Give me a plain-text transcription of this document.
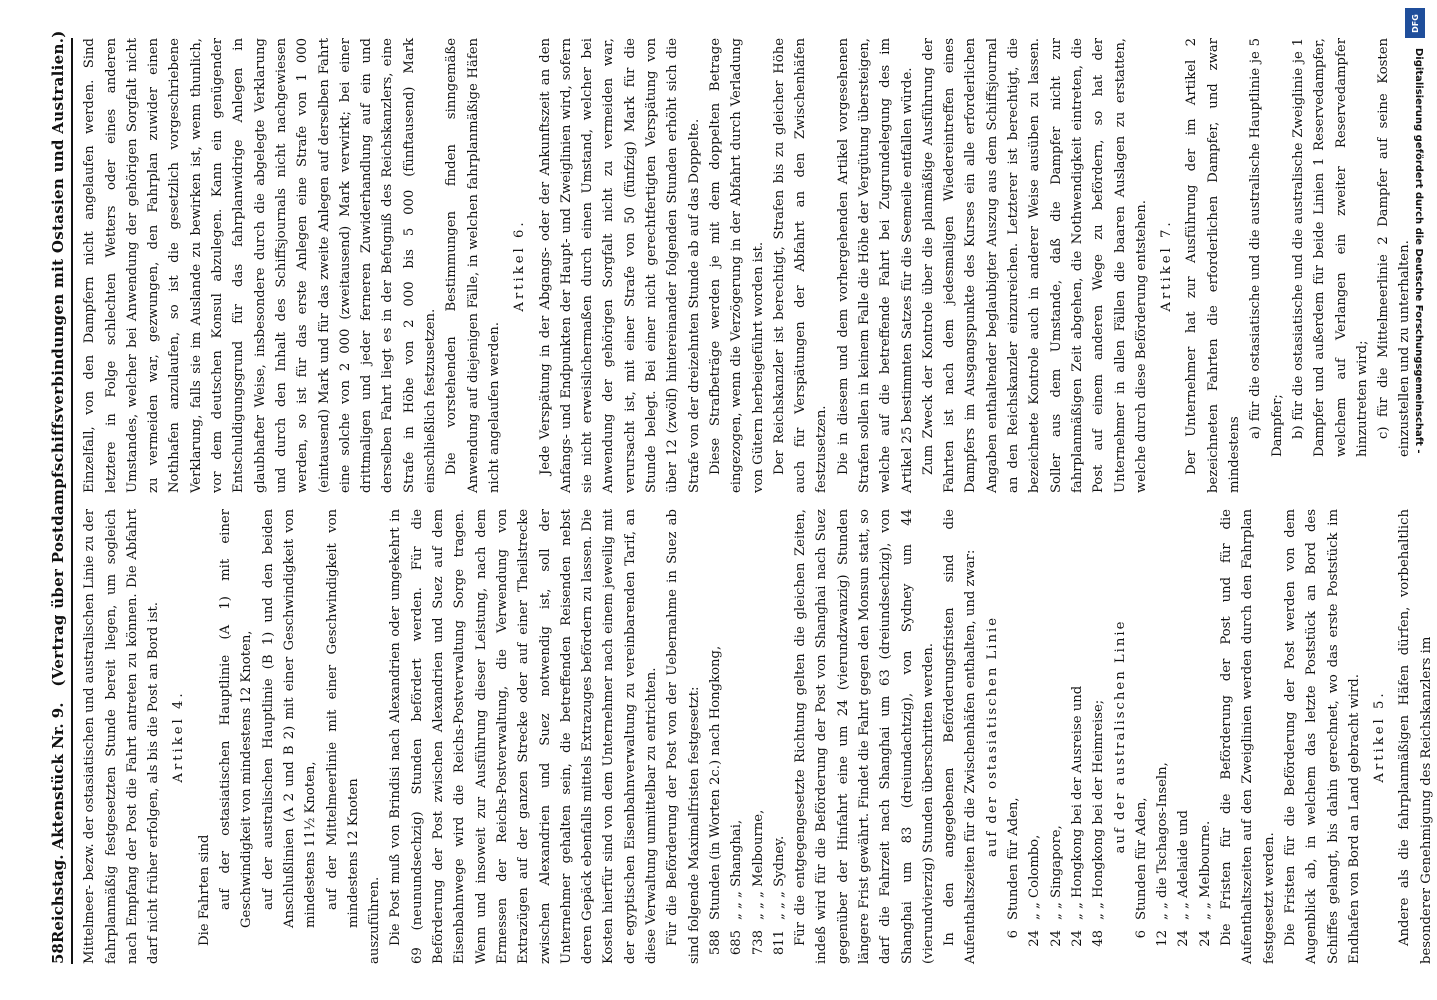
58
Reichstag. Aktenstück Nr. 9.
(Vertrag über Postdampfschiffsverbindungen mit Ostasien und Australien.)

Mittelmeer- bezw. der ostasiatischen und australischen Linie zu der fahrplanmäßig festgesetzten Stunde bereit liegen, um sogleich nach Empfang der Post die Fahrt antreten zu können. Die Abfahrt darf nicht früher erfolgen, als bis die Post an Bord ist. Artikel 4.

Die Fahrten sind auf der ostasiatischen Hauptlinie (A 1) mit einer Geschwindigkeit von mindestens 12 Knoten, auf der australischen Hauptlinie (B 1) und den beiden Anschlußlinien (A 2 und B 2) mit einer Geschwindigkeit von mindestens 11½ Knoten, auf der Mittelmeerlinie mit einer Geschwindigkeit von mindestens 12 Knoten auszuführen. Die Post muß von Brindisi nach Alexandrien oder umgekehrt in 69 (neunundsechzig) Stunden befördert werden. Für die Beförderung der Post zwischen Alexandrien und Suez auf dem Eisenbahnwege wird die Reichs-Postverwaltung Sorge tragen. Wenn und insoweit zur Ausführung dieser Leistung, nach dem Ermessen der Reichs-Postverwaltung, die Verwendung von Extrazügen auf der ganzen Strecke oder auf einer Theilstrecke zwischen Alexandrien und Suez notwendig ist, soll der Unternehmer gehalten sein, die betreffenden Reisenden nebst deren Gepäck ebenfalls mittels Extrazuges befördern zu lassen. Die Kosten hierfür sind von dem Unternehmer nach einem jeweilig mit der egyptischen Eisenbahnverwaltung zu vereinbarenden Tarif, an diese Verwaltung unmittelbar zu entrichten. Für die Beförderung der Post von der Uebernahme in Suez ab sind folgende Maximalfristen festgesetzt: 588
Stunden (in Worten 2c.) nach Hongkong,
685
„ „ „ Shanghai,
738
„ „ „ Melbourne,
811
„ „ „ Sydney. Für die entgegengesetzte Richtung gelten die gleichen Zeiten, indeß wird für die Beförderung der Post von Shanghai nach Suez gegenüber der Hinfahrt eine um 24 (vierundzwanzig) Stunden längere Frist gewährt. Findet die Fahrt gegen den Monsun statt, so darf die Fahrzeit nach Shanghai um 63 (dreiundsechzig), von Shanghai um 83 (dreiundachtzig), von Sydney um 44 (vierundvierzig) Stunden überschritten werden. In den angegebenen Beförderungsfristen sind die Aufenthaltszeiten für die Zwischenhäfen enthalten, und zwar: auf der ostasiatischen Linie
6
Stunden für Aden,
24
„ „ Colombo,
24
„ „ Singapore,
24
„ „ Hongkong bei der Ausreise und
48
„ „ Hongkong bei der Heimreise; auf der australischen Linie
6
Stunden für Aden,
12
„ „ die Tschagos-Inseln,
24
„ „ Adelaide und
24
„ „ Melbourne. Die Fristen für die Beförderung der Post und für die Aufenthaltszeiten auf den Zweiglinien werden durch den Fahrplan festgesetzt werden. Die Fristen für die Beförderung der Post werden von dem Augenblick ab, in welchem das letzte Poststück an Bord des Schiffes gelangt, bis dahin gerechnet, wo das erste Poststück im Endhafen von Bord an Land gebracht wird. Artikel 5. Andere als die fahrplanmäßigen Häfen dürfen, vorbehaltlich besonderer Genehmigung des Reichskanzlers im

Einzelfall, von den Dampfern nicht angelaufen werden. Sind letztere in Folge schlechten Wetters oder eines anderen Umstandes, welcher bei Anwendung der gehörigen Sorgfalt nicht zu vermeiden war, gezwungen, den Fahrplan zuwider einen Nothhafen anzulaufen, so ist die gesetzlich vorgeschriebene Verklarung, falls sie im Auslande zu bewirken ist, wenn thunlich, vor dem deutschen Konsul abzulegen. Kann ein genügender Entschuldigungsgrund für das fahrplanwidrige Anlegen in glaubhafter Weise, insbesondere durch die abgelegte Verklarung und durch den Inhalt des Schiffsjournals nicht nachgewiesen werden, so ist für das erste Anlegen eine Strafe von 1 000 (eintausend) Mark und für das zweite Anlegen auf derselben Fahrt eine solche von 2 000 (zweitausend) Mark verwirkt; bei einer drittmaligen und jeder ferneren Zuwiderhandlung auf ein und derselben Fahrt liegt es in der Befugniß des Reichskanzlers, eine Strafe in Höhe von 2 000 bis 5 000 (fünftausend) Mark einschließlich festzusetzen. Die vorstehenden Bestimmungen finden sinngemäße Anwendung auf diejenigen Fälle, in welchen fahrplanmäßige Häfen nicht angelaufen werden.

Artikel 6. Jede Verspätung in der Abgangs- oder der Ankunftszeit an den Anfangs- und Endpunkten der Haupt- und Zweiglinien wird, sofern sie nicht erweislichermaßen durch einen Umstand, welcher bei Anwendung der gehörigen Sorgfalt nicht zu vermeiden war, verursacht ist, mit einer Strafe von 50 (fünfzig) Mark für die Stunde belegt. Bei einer nicht gerechtfertigten Verspätung von über 12 (zwölf) hintereinander folgenden Stunden erhöht sich die Strafe von der dreizehnten Stunde ab auf das Doppelte. Diese Strafbeträge werden je mit dem doppelten Betrage eingezogen, wenn die Verzögerung in der Abfahrt durch Verladung von Gütern herbeigeführt worden ist. Der Reichskanzler ist berechtigt, Strafen bis zu gleicher Höhe auch für Verspätungen der Abfahrt an den Zwischenhäfen festzusetzen. Die in diesem und dem vorhergehenden Artikel vorgesehenen Strafen sollen in keinem Falle die Höhe der Vergütung übersteigen, welche auf die betreffende Fahrt bei Zugrundelegung des im Artikel 25 bestimmten Satzes für die Seemeile entfallen würde. Zum Zweck der Kontrole über die planmäßige Ausführung der Fahrten ist nach dem jedesmaligen Wiedereintreffen eines Dampfers im Ausgangspunkte des Kurses ein alle erforderlichen Angaben enthaltender beglaubigter Auszug aus dem Schiffsjournal an den Reichskanzler einzureichen. Letzterer ist berechtigt, die bezeichnete Kontrole auch in anderer Weise ausüben zu lassen. Soller aus dem Umstande, daß die Dampfer nicht zur fahrplanmäßigen Zeit abgehen, die Nothwendigkeit eintreten, die Post auf einem anderen Wege zu befördern, so hat der Unternehmer in allen Fällen die baaren Auslagen zu erstatten, welche durch diese Beförderung entstehen. Artikel 7. Der Unternehmer hat zur Ausführung der im Artikel 2 bezeichneten Fahrten die erforderlichen Dampfer, und zwar mindestens

a) für die ostasiatische und die australische Hauptlinie je 5 Dampfer; b) für die ostasiatische und die australische Zweiglinie je 1 Dampfer und außerdem für beide Linien 1 Reservedampfer, welchem auf Verlangen ein zweiter Reservedampfer hinzutreten wird; c) für die Mittelmeerlinie 2 Dampfer auf seine Kosten einzustellen und zu unterhalten.

DFG
Digitalisierung gefördert durch die Deutsche Forschungsgemeinschaft -
